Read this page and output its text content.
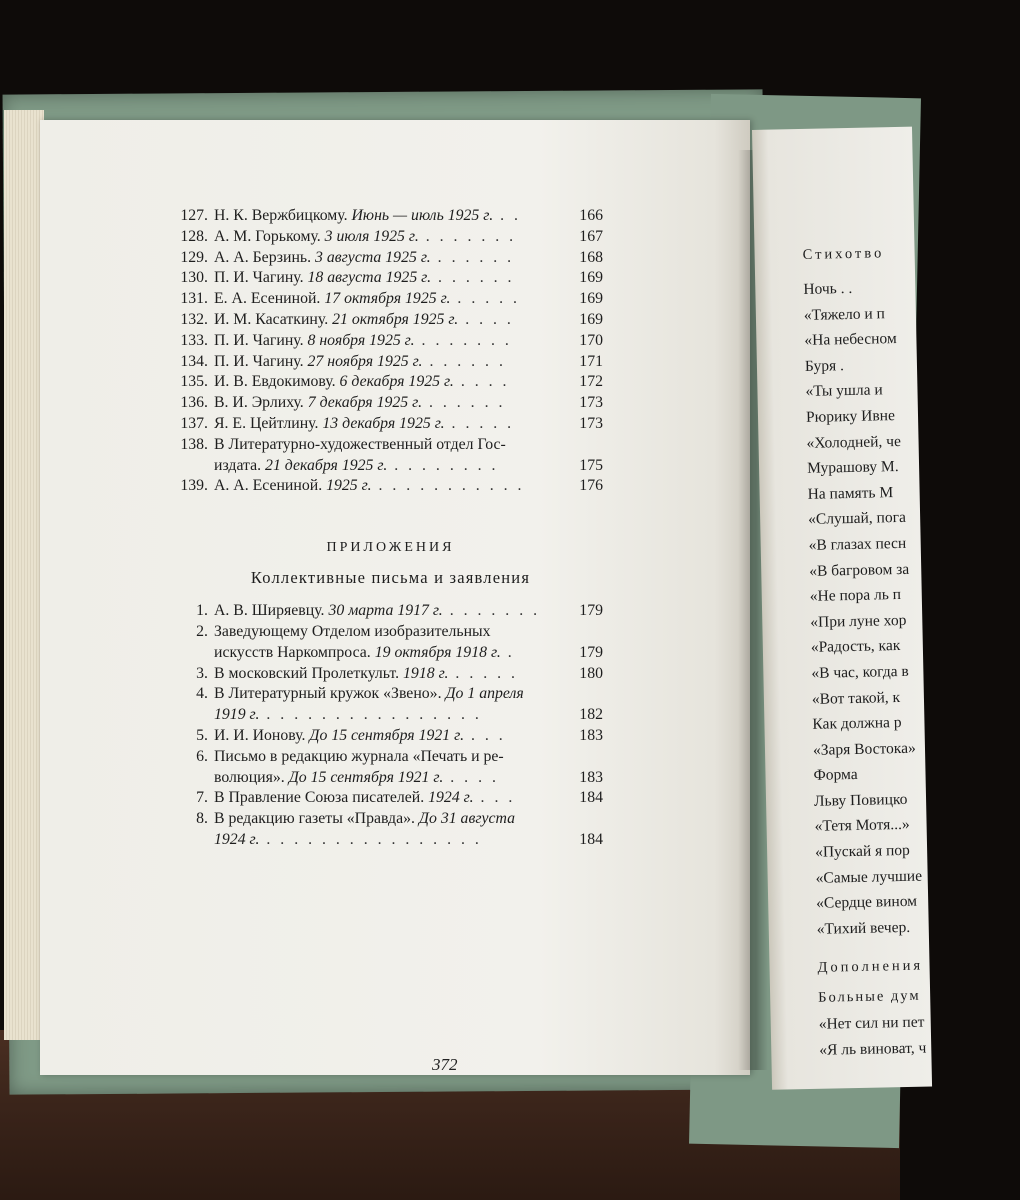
127. Н. К. Вержбицкому. Июнь — июль 1925 г. . .	166
128. А. М. Горькому. 3 июля 1925 г. . . . . . . .	167
129. А. А. Берзинь. 3 августа 1925 г. . . . . . .	168
130. П. И. Чагину. 18 августа 1925 г. . . . . . .	169
131. Е. А. Есениной. 17 октября 1925 г. . . . . .	169
132. И. М. Касаткину. 21 октября 1925 г. . . . .	169
133. П. И. Чагину. 8 ноября 1925 г. . . . . . . .	170
134. П. И. Чагину. 27 ноября 1925 г. . . . . . .	171
135. И. В. Евдокимову. 6 декабря 1925 г. . . . .	172
136. В. И. Эрлиху. 7 декабря 1925 г. . . . . . .	173
137. Я. Е. Цейтлину. 13 декабря 1925 г. . . . . .	173
138. В Литературно-художественный отдел Гос-
издата. 21 декабря 1925 г. . . . . . . . .	175
139. А. А. Есениной. 1925 г. . . . . . . . . . . .	176
ПРИЛОЖЕНИЯ
Коллективные письма и заявления
1. А. В. Ширяевцу. 30 марта 1917 г. . . . . . . .	179
2. Заведующему Отделом изобразительных
искусств Наркомпроса. 19 октября 1918 г. .	179
3. В московский Пролеткульт. 1918 г. . . . . .	180
4. В Литературный кружок «Звено». До 1 апреля
1919 г. . . . . . . . . . . . . . . . .	182
5. И. И. Ионову. До 15 сентября 1921 г. . . .	183
6. Письмо в редакцию журнала «Печать и ре-
волюция». До 15 сентября 1921 г. . . . .	183
7. В Правление Союза писателей. 1924 г. . . .	184
8. В редакцию газеты «Правда». До 31 августа
1924 г. . . . . . . . . . . . . . . . .	184
372
Стихотво
Ночь . .
«Тяжело и п
«На небесном
Буря .
«Ты ушла и
Рюрику Ивне
«Холодней, че
Мурашову М.
На память М
«Слушай, пога
«В глазах песн
«В багровом за
«Не пора ль п
«При луне хор
«Радость, как
«В час, когда в
«Вот такой, к
Как должна р
«Заря Востока»
Форма
Льву Повицко
«Тетя Мотя...»
«Пускай я пор
«Самые лучшие
«Сердце вином
«Тихий вечер.
Дополнения
Больные дум
«Нет сил ни пет
«Я ль виноват, ч
